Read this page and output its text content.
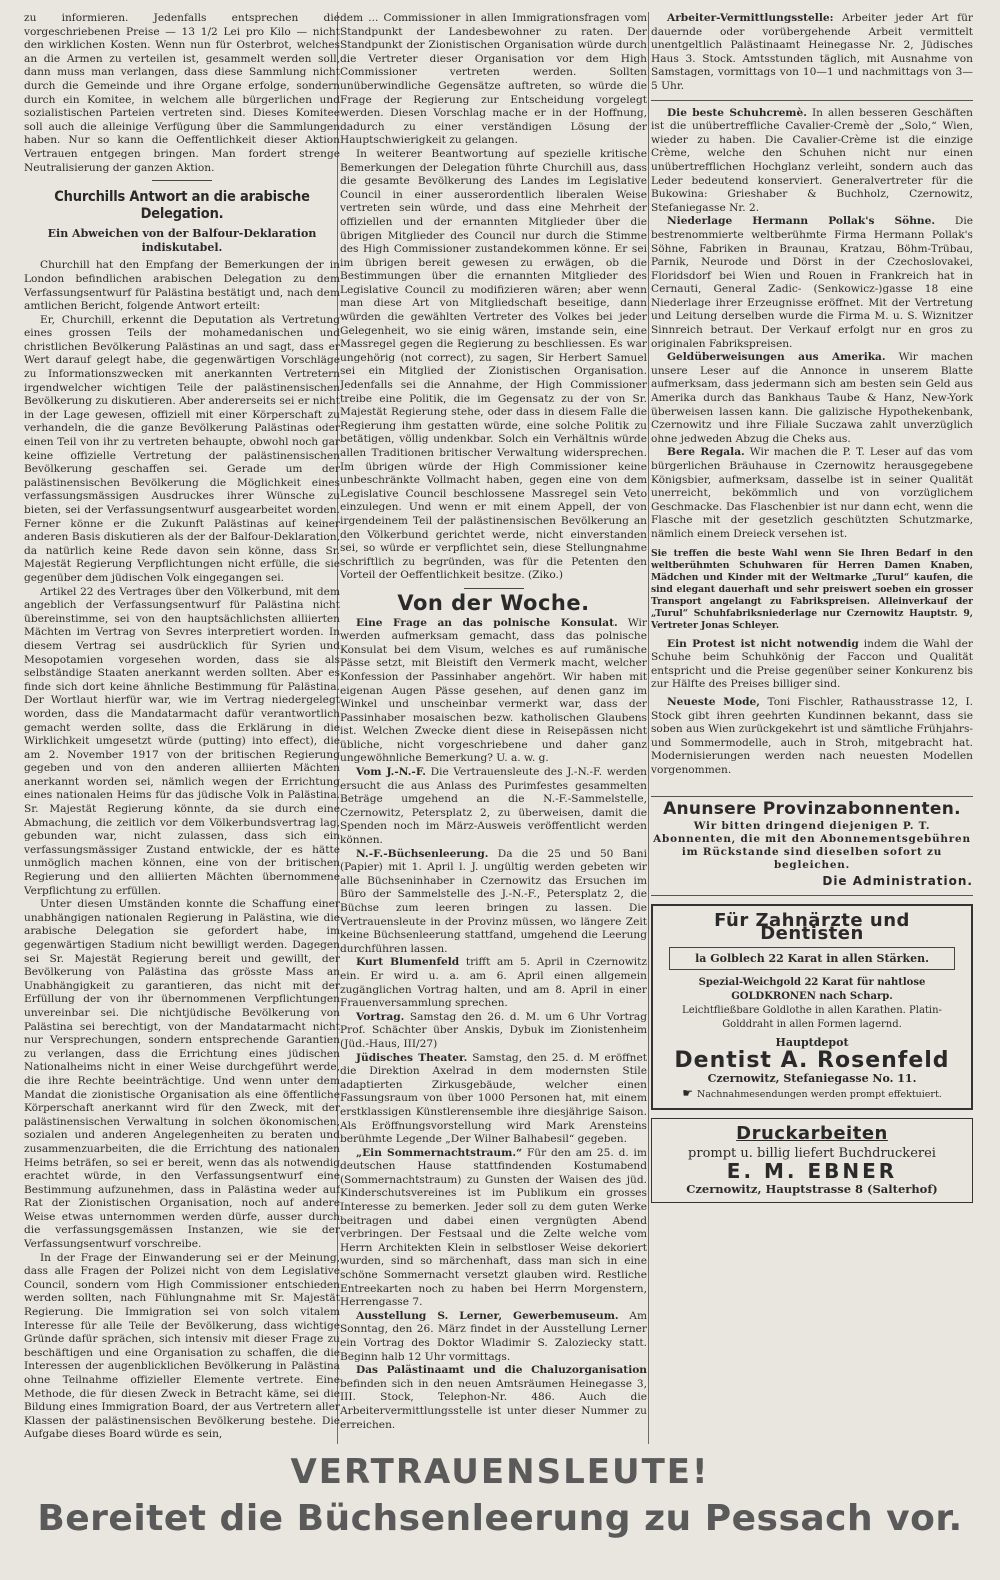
zu informieren. Jedenfalls entsprechen die vorgeschriebenen Preise — 13 1/2 Lei pro Kilo — nicht den wirklichen Kosten. Wenn nun für Osterbrot, welches an die Armen zu verteilen ist, gesammelt werden soll, dann muss man verlangen, dass diese Sammlung nicht durch die Gemeinde und ihre Organe erfolge, sondern durch ein Komitee, in welchem alle bürgerlichen und sozialistischen Parteien vertreten sind. Dieses Komitee soll auch die alleinige Verfügung über die Sammlungen haben. Nur so kann die Oeffentlichkeit dieser Aktion Vertrauen entgegen bringen. Man fordert strenge Neutralisierung der ganzen Aktion.

Churchills Antwort an die arabische Delegation.
Ein Abweichen von der Balfour-Deklaration indiskutabel.

Churchill hat den Empfang der Bemerkungen der in London befindlichen arabischen Delegation zu dem Verfassungsentwurf für Palästina bestätigt und, nach dem amtlichen Bericht, folgende Antwort erteilt:

Er, Churchill, erkennt die Deputation als Vertretung eines grossen Teils der mohamedanischen und christlichen Bevölkerung Palästinas an und sagt, dass er Wert darauf gelegt habe, die gegenwärtigen Vorschläge zu Informationszwecken mit anerkannten Vertretern irgendwelcher wichtigen Teile der palästinensischen Bevölkerung zu diskutieren. Aber andererseits sei er nicht in der Lage gewesen, offiziell mit einer Körperschaft zu verhandeln, die die ganze Bevölkerung Palästinas oder einen Teil von ihr zu vertreten behaupte, obwohl noch gar keine offizielle Vertretung der palästinensischen Bevölkerung geschaffen sei. Gerade um der palästinensischen Bevölkerung die Möglichkeit eines verfassungsmässigen Ausdruckes ihrer Wünsche zu bieten, sei der Verfassungsentwurf ausgearbeitet worden. Ferner könne er die Zukunft Palästinas auf keiner anderen Basis diskutieren als der der Balfour-Deklaration, da natürlich keine Rede davon sein könne, dass Sr. Majestät Regierung Verpflichtungen nicht erfülle, die sie gegenüber dem jüdischen Volk eingegangen sei.

Artikel 22 des Vertrages über den Völkerbund, mit dem angeblich der Verfassungsentwurf für Palästina nicht übereinstimme, sei von den hauptsächlichsten alliierten Mächten im Vertrag von Sevres interpretiert worden. In diesem Vertrag sei ausdrücklich für Syrien und Mesopotamien vorgesehen worden, dass sie als selbständige Staaten anerkannt werden sollten. Aber es finde sich dort keine ähnliche Bestimmung für Palästina. Der Wortlaut hierfür war, wie im Vertrag niedergelegt worden, dass die Mandatarmacht dafür verantwortlich gemacht werden sollte, dass die Erklärung in die Wirklichkeit umgesetzt würde (putting) into effect), die am 2. November 1917 von der britischen Regierung gegeben und von den anderen alliierten Mächten anerkannt worden sei, nämlich wegen der Errichtung eines nationalen Heims für das jüdische Volk in Palästina. Sr. Majestät Regierung könnte, da sie durch eine Abmachung, die zeitlich vor dem Völkerbundsvertrag lag, gebunden war, nicht zulassen, dass sich ein verfassungsmässiger Zustand entwickle, der es hätte unmöglich machen können, eine von der britischen Regierung und den alliierten Mächten übernommene Verpflichtung zu erfüllen.

Unter diesen Umständen konnte die Schaffung einer unabhängigen nationalen Regierung in Palästina, wie die arabische Delegation sie gefordert habe, im gegenwärtigen Stadium nicht bewilligt werden. Dagegen sei Sr. Majestät Regierung bereit und gewillt, der Bevölkerung von Palästina das grösste Mass an Unabhängigkeit zu garantieren, das nicht mit der Erfüllung der von ihr übernommenen Verpflichtungen unvereinbar sei. Die nichtjüdische Bevölkerung von Palästina sei berechtigt, von der Mandatarmacht nicht nur Versprechungen, sondern entsprechende Garantien zu verlangen, dass die Errichtung eines jüdischen Nationalheims nicht in einer Weise durchgeführt werde, die ihre Rechte beeinträchtige. Und wenn unter dem Mandat die zionistische Organisation als eine öffentliche Körperschaft anerkannt wird für den Zweck, mit der palästinensischen Verwaltung in solchen ökonomischen, sozialen und anderen Angelegenheiten zu beraten und zusammenzuarbeiten, die die Errichtung des nationalen Heims beträfen, so sei er bereit, wenn das als notwendig erachtet würde, in den Verfassungsentwurf eine Bestimmung aufzunehmen, dass in Palästina weder auf Rat der Zionistischen Organisation, noch auf andere Weise etwas unternommen werden dürfe, ausser durch die verfassungsgemässen Instanzen, wie sie der Verfassungsentwurf vorschreibe.

In der Frage der Einwanderung sei er der Meinung, dass alle Fragen der Polizei nicht von dem Legislative Council, sondern vom High Commissioner entschieden werden sollten, nach Fühlungnahme mit Sr. Majestät Regierung. Die Immigration sei von solch vitalem Interesse für alle Teile der Bevölkerung, dass wichtige Gründe dafür sprächen, sich intensiv mit dieser Frage zu beschäftigen und eine Organisation zu schaffen, die die Interessen der augenblicklichen Bevölkerung in Palästina ohne Teilnahme offizieller Elemente vertrete. Eine Methode, die für diesen Zweck in Betracht käme, sei die Bildung eines Immigration Board, der aus Vertretern aller Klassen der palästinensischen Bevölkerung bestehe. Die Aufgabe dieses Board würde es sein,

dem ... Commissioner in allen Immigrationsfragen vom Standpunkt der Landesbewohner zu raten. Der Standpunkt der Zionistischen Organisation würde durch die Vertreter dieser Organisation vor dem High Commissioner vertreten werden. Sollten unüberwindliche Gegensätze auftreten, so würde die Frage der Regierung zur Entscheidung vorgelegt werden. Diesen Vorschlag mache er in der Hoffnung, dadurch zu einer verständigen Lösung der Hauptschwierigkeit zu gelangen.

In weiterer Beantwortung auf spezielle kritische Bemerkungen der Delegation führte Churchill aus, dass die gesamte Bevölkerung des Landes im Legislative Council in einer ausserordentlich liberalen Weise vertreten sein würde, und dass eine Mehrheit der offiziellen und der ernannten Mitglieder über die übrigen Mitglieder des Council nur durch die Stimme des High Commissioner zustandekommen könne. Er sei im übrigen bereit gewesen zu erwägen, ob die Bestimmungen über die ernannten Mitglieder des Legislative Council zu modifizieren wären; aber wenn man diese Art von Mitgliedschaft beseitige, dann würden die gewählten Vertreter des Volkes bei jeder Gelegenheit, wo sie einig wären, imstande sein, eine Massregel gegen die Regierung zu beschliessen. Es war ungehörig (not correct), zu sagen, Sir Herbert Samuel sei ein Mitglied der Zionistischen Organisation. Jedenfalls sei die Annahme, der High Commissioner treibe eine Politik, die im Gegensatz zu der von Sr. Majestät Regierung stehe, oder dass in diesem Falle die Regierung ihm gestatten würde, eine solche Politik zu betätigen, völlig undenkbar. Solch ein Verhältnis würde allen Traditionen britischer Verwaltung widersprechen. Im übrigen würde der High Commissioner keine unbeschränkte Vollmacht haben, gegen eine von dem Legislative Council beschlossene Massregel sein Veto einzulegen. Und wenn er mit einem Appell, der von irgendeinem Teil der palästinensischen Bevölkerung an den Völkerbund gerichtet werde, nicht einverstanden sei, so würde er verpflichtet sein, diese Stellungnahme schriftlich zu begründen, was für die Petenten den Vorteil der Oeffentlichkeit besitze. (Ziko.)

Von der Woche.

Eine Frage an das polnische Konsulat. Wir werden aufmerksam gemacht, dass das polnische Konsulat bei dem Visum, welches es auf rumänische Pässe setzt, mit Bleistift den Vermerk macht, welcher Konfession der Passinhaber angehört. Wir haben mit eigenan Augen Pässe gesehen, auf denen ganz im Winkel und unscheinbar vermerkt war, dass der Passinhaber mosaischen bezw. katholischen Glaubens ist. Welchen Zwecke dient diese in Reisepässen nicht übliche, nicht vorgeschriebene und daher ganz ungewöhnliche Bemerkung? U. a. w. g.

Vom J.-N.-F. Die Vertrauensleute des J.-N.-F. werden ersucht die aus Anlass des Purimfestes gesammelten Beträge umgehend an die N.-F.-Sammelstelle, Czernowitz, Petersplatz 2, zu überweisen, damit die Spenden noch im März-Ausweis veröffentlicht werden können.

N.-F.-Büchsenleerung. Da die 25 und 50 Bani (Papier) mit 1. April l. J. ungültig werden gebeten wir alle Büchseninhaber in Czernowitz das Ersuchen im Büro der Sammelstelle des J.-N.-F., Petersplatz 2, die Büchse zum leeren bringen zu lassen. Die Vertrauensleute in der Provinz müssen, wo längere Zeit keine Büchsenleerung stattfand, umgehend die Leerung durchführen lassen.

Kurt Blumenfeld trifft am 5. April in Czernowitz ein. Er wird u. a. am 6. April einen allgemein zugänglichen Vortrag halten, und am 8. April in einer Frauenversammlung sprechen.

Vortrag. Samstag den 26. d. M. um 6 Uhr Vortrag Prof. Schächter über Anskis, Dybuk im Zionistenheim (Jüd.-Haus, III/27)

Jüdisches Theater. Samstag, den 25. d. M eröffnet die Direktion Axelrad in dem modernsten Stile adaptierten Zirkusgebäude, welcher einen Fassungsraum von über 1000 Personen hat, mit einem erstklassigen Künstlerensemble ihre diesjährige Saison. Als Eröffnungsvorstellung wird Mark Arensteins berühmte Legende „Der Wilner Balhabesil“ gegeben.

„Ein Sommernachtstraum.“ Für den am 25. d. im deutschen Hause stattfindenden Kostumabend (Sommernachtstraum) zu Gunsten der Waisen des jüd. Kinderschutsvereines ist im Publikum ein grosses Interesse zu bemerken. Jeder soll zu dem guten Werke beitragen und dabei einen vergnügten Abend verbringen. Der Festsaal und die Zelte welche vom Herrn Architekten Klein in selbstloser Weise dekoriert wurden, sind so märchenhaft, dass man sich in eine schöne Sommernacht versetzt glauben wird. Restliche Entreekarten noch zu haben bei Herrn Morgenstern, Herrengasse 7.

Ausstellung S. Lerner, Gewerbemuseum. Am Sonntag, den 26. März findet in der Ausstellung Lerner ein Vortrag des Doktor Wladimir S. Zaloziecky statt. Beginn halb 12 Uhr vormittags.

Das Palästinaamt und die Chaluzorganisation befinden sich in den neuen Amtsräumen Heinegasse 3, III. Stock, Telephon-Nr. 486. Auch die Arbeitervermittlungsstelle ist unter dieser Nummer zu erreichen.

Arbeiter-Vermittlungsstelle: Arbeiter jeder Art für dauernde oder vorübergehende Arbeit vermittelt unentgeltlich Palästinaamt Heinegasse Nr. 2, Jüdisches Haus 3. Stock. Amtsstunden täglich, mit Ausnahme von Samstagen, vormittags von 10—1 und nachmittags von 3—5 Uhr.

Die beste Schuhcremè. In allen besseren Geschäften ist die unübertreffliche Cavalier-Cremè der „Solo,“ Wien, wieder zu haben. Die Cavalier-Crème ist die einzige Crème, welche den Schuhen nicht nur einen unübertrefflichen Hochglanz verleiht, sondern auch das Leder bedeutend konserviert. Generalvertreter für die Bukowina: Grieshaber & Buchholz, Czernowitz, Stefaniegasse Nr. 2.

Niederlage Hermann Pollak's Söhne. Die bestrenommierte weltberühmte Firma Hermann Pollak's Söhne, Fabriken in Braunau, Kratzau, Böhm-Trübau, Parnik, Neurode und Dörst in der Czechoslovakei, Floridsdorf bei Wien und Rouen in Frankreich hat in Cernauti, General Zadic- (Senkowicz-)gasse 18 eine Niederlage ihrer Erzeugnisse eröffnet. Mit der Vertretung und Leitung derselben wurde die Firma M. u. S. Wiznitzer Sinnreich betraut. Der Verkauf erfolgt nur en gros zu originalen Fabrikspreisen.

Geldüberweisungen aus Amerika. Wir machen unsere Leser auf die Annonce in unserem Blatte aufmerksam, dass jedermann sich am besten sein Geld aus Amerika durch das Bankhaus Taube & Hanz, New-York überweisen lassen kann. Die galizische Hypothekenbank, Czernowitz und ihre Filiale Suczawa zahlt unverzüglich ohne jedweden Abzug die Cheks aus.

Bere Regala. Wir machen die P. T. Leser auf das vom bürgerlichen Bräuhause in Czernowitz herausgegebene Königsbier, aufmerksam, dasselbe ist in seiner Qualität unerreicht, bekömmlich und von vorzüglichem Geschmacke. Das Flaschenbier ist nur dann echt, wenn die Flasche mit der gesetzlich geschützten Schutzmarke, nämlich einem Dreieck versehen ist.

Sie treffen die beste Wahl wenn Sie Ihren Bedarf in den weltberühmten Schuhwaren für Herren Damen Knaben, Mädchen und Kinder mit der Weltmarke „Turul“ kaufen, die sind elegant dauerhaft und sehr preiswert soeben ein grosser Transport angelangt zu Fabrikspreisen. Alleinverkauf der „Turul“ Schuhfabriksniederlage nur Czernowitz Hauptstr. 9, Vertreter Jonas Schleyer.

Ein Protest ist nicht notwendig indem die Wahl der Schuhe beim Schuhkönig der Faccon und Qualität entspricht und die Preise gegenüber seiner Konkurenz bis zur Hälfte des Preises billiger sind.

Neueste Mode, Toni Fischler, Rathausstrasse 12, I. Stock gibt ihren geehrten Kundinnen bekannt, dass sie soben aus Wien zurückgekehrt ist und sämtliche Frühjahrs- und Sommermodelle, auch in Stroh, mitgebracht hat. Modernisierungen werden nach neuesten Modellen vorgenommen.

Anunsere Provinzabonnenten.
Wir bitten dringend diejenigen P. T. Abonnenten, die mit den Abonnementsgebühren im Rückstande sind dieselben sofort zu begleichen.
Die Administration.
Für Zahnärzte und Dentisten
la Golblech 22 Karat in allen Stärken.
Spezial-Weichgold 22 Karat für nahtlose GOLDKRONEN nach Scharp.
Leichtfließbare Goldlothe in allen Karathen. Platin- Golddraht in allen Formen lagernd.
Hauptdepot
Dentist A. Rosenfeld
Czernowitz, Stefaniegasse No. 11.
☛ Nachnahmesendungen werden prompt effektuiert.
Druckarbeiten
prompt u. billig liefert Buchdruckerei
E. M. EBNER
Czernowitz, Hauptstrasse 8 (Salterhof)
VERTRAUENSLEUTE!
Bereitet die Büchsenleerung zu Pessach vor.
